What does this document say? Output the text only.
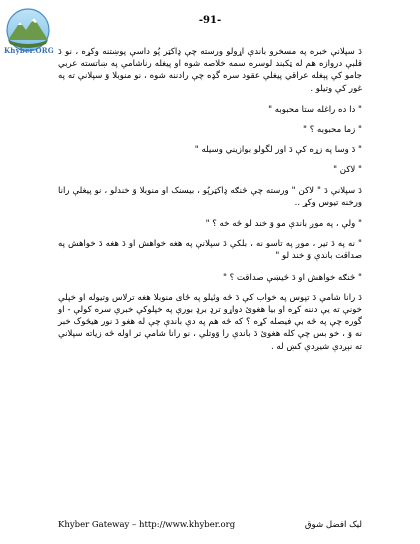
Khyber.ORG
-91-

دَ سپلانې خبره په مسخرو باندې اړولو ورسته چې ډاکټر پُو داسې پوښتنه وکړه ، نو دَ قلبې دروازه هم له ټکبند لوسره سمه خلاصه شوه او پیغله رناشامې په ښاتسته عربي جامو کې پېغله عراقي پیغلې عقود سره گډه چې رادننه شوه ، نو منوبلا وَ سپلانې ته په غور کې وتیلو .

" دا ده راغله ستا محبوبه "

" زما محبوبه ؟ "

" دَ وسا په زړه کې دَ اور لگولو بوازیني وسیله "

" لاکن "

دَ سپلانې دَ " لاکن " ورسته چې څنګه ډاکټرپُو ، بیسنک او منوبلا وَ خندلو ، نو پیغلې رانا ورخنه تیوس وکړ ..

" ولې ، په موږ باندې مو وَ خند لو څه خه ؟ "

" نه په دَ تیر ، موږ په تاسو نه ، بلکې دَ سپلانې په هغه خواهش او دَ هغه دَ خواهش په صداقت باندې وَ خند لو "

" څنګه خواهش او دَ څیښې صداقت ؟ "

دَ رانا شامې دَ تپوس په خواب کې دَ څه وئیلو په ځای منوبلا هغه ترلاس وتیوله او خپلې خونې ته یې دننه کړه او بیا هغوئ دواړو ترډ برډ بورې په خپلوکې خبرې سره کولې - او گوره چې په څه بې فیصله کړه ؟ که څه هم په دې باندې چې له هغو دَ نور هیڅوک خبر نه وَ ، خو بس چې کله هغوئ دَ باندې را وَوتلې ، نو رانا شامې تر اوله څه زیاته سپلانې ته نېږدې شیږدې کښ له .

Khyber Gateway – http://www.khyber.org	لیک افضل شوق
